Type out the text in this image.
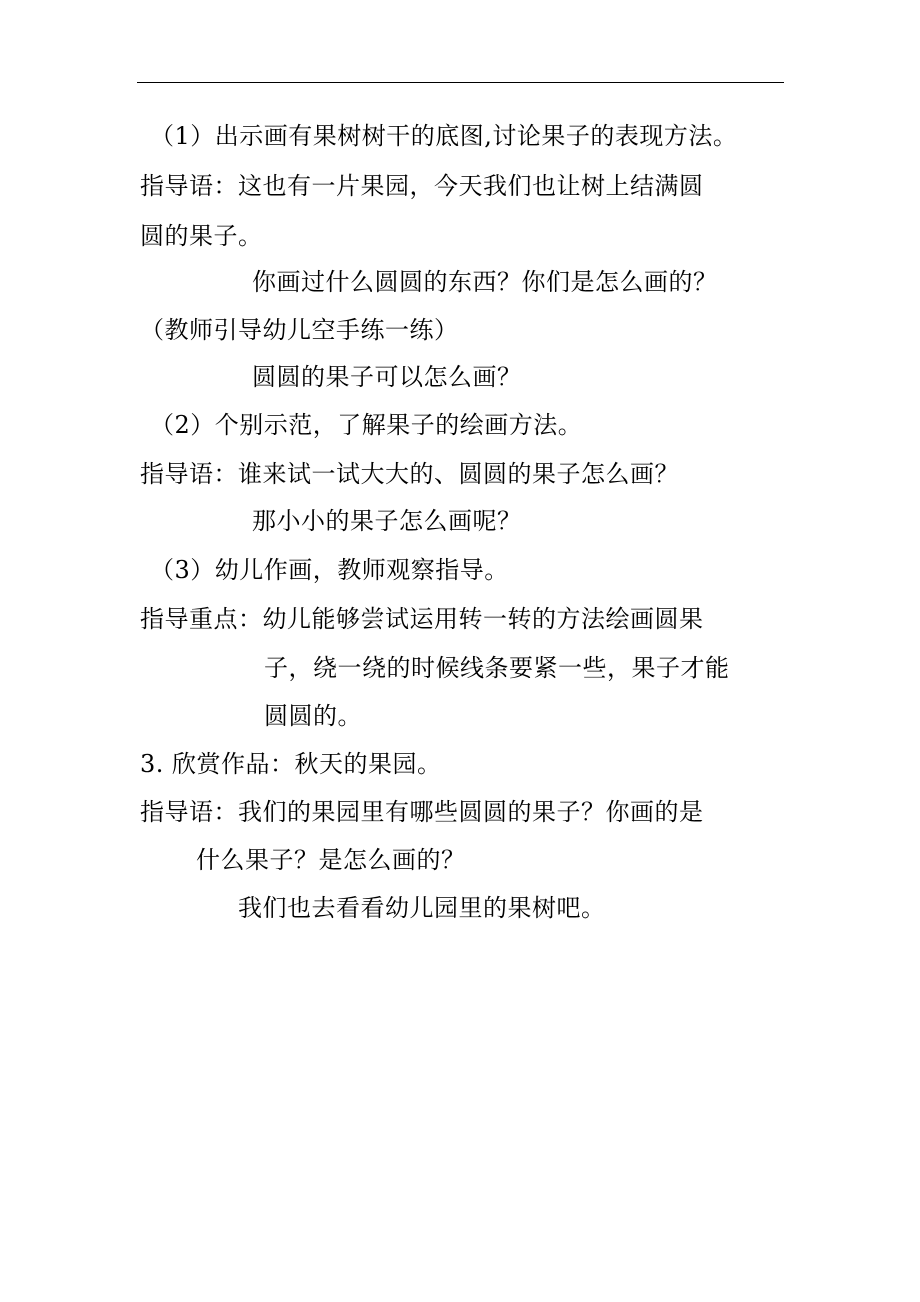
（1）出示画有果树树干的底图,讨论果子的表现方法。
指导语：这也有一片果园，今天我们也让树上结满圆
圆的果子。
你画过什么圆圆的东西？你们是怎么画的？
（教师引导幼儿空手练一练）
圆圆的果子可以怎么画？
（2）个别示范，了解果子的绘画方法。
指导语：谁来试一试大大的、圆圆的果子怎么画？
那小小的果子怎么画呢？
（3）幼儿作画，教师观察指导。
指导重点：幼儿能够尝试运用转一转的方法绘画圆果
子，绕一绕的时候线条要紧一些，果子才能
圆圆的。
3. 欣赏作品：秋天的果园。
指导语：我们的果园里有哪些圆圆的果子？你画的是
什么果子？是怎么画的？
我们也去看看幼儿园里的果树吧。
